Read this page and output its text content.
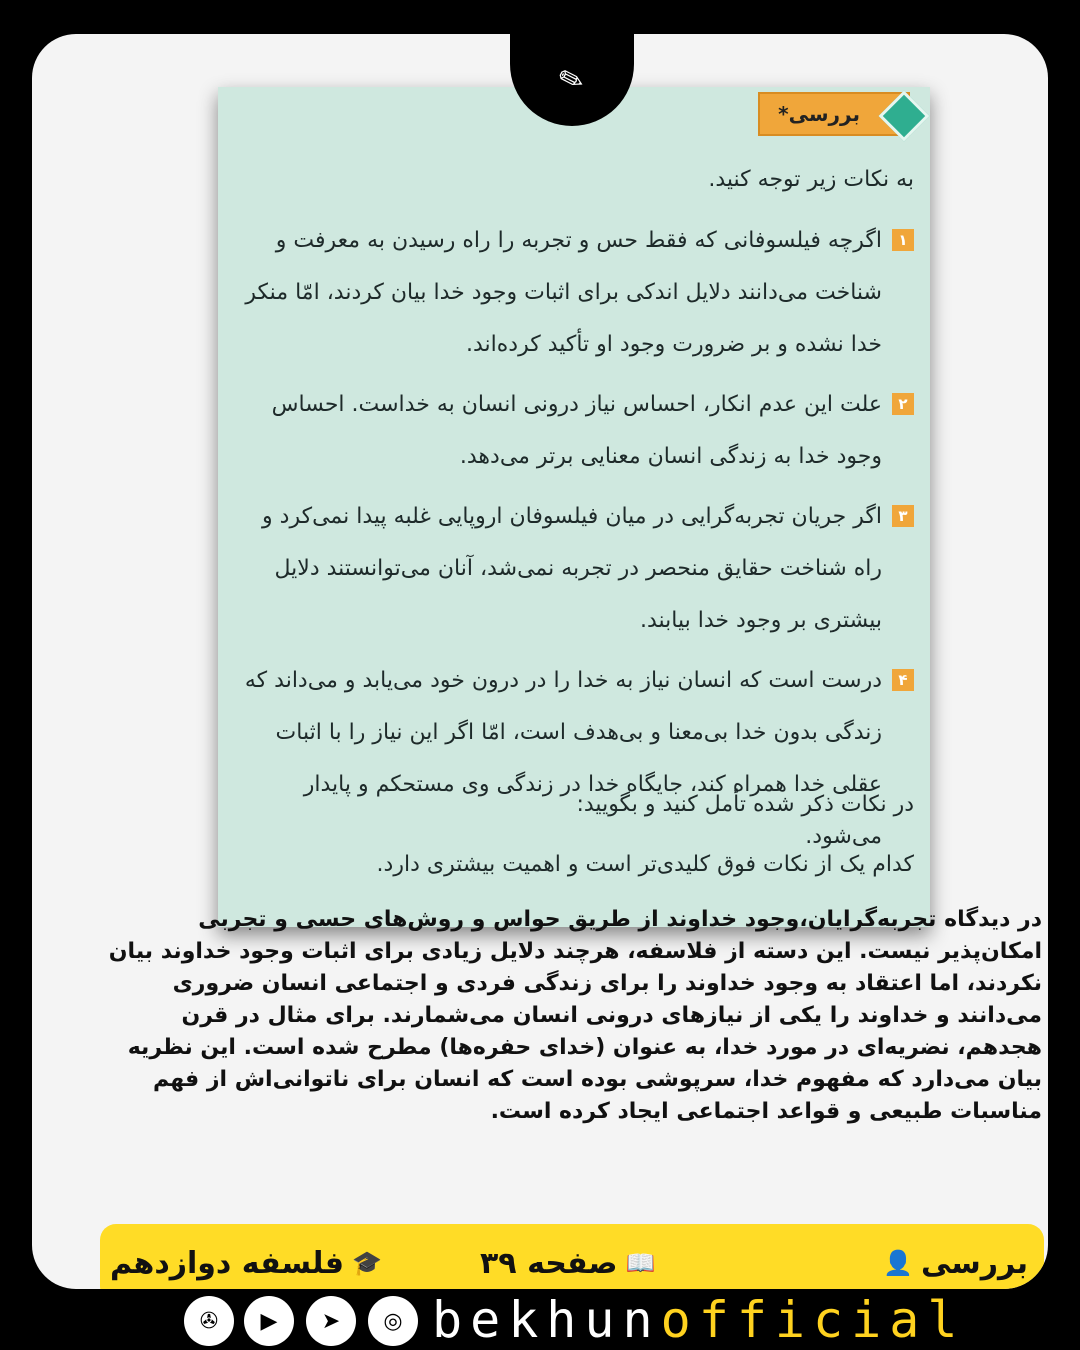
✎
بررسی*
به نکات زیر توجه کنید.
۱
اگرچه فیلسوفانی که فقط حس و تجربه را راه رسیدن به معرفت و شناخت می‌دانند دلایل اندکی برای اثبات وجود خدا بیان کردند، امّا منکر خدا نشده و بر ضرورت وجود او تأکید کرده‌اند.
۲
علت این عدم انکار، احساس نیاز درونی انسان به خداست. احساس وجود خدا به زندگی انسان معنایی برتر می‌دهد.
۳
اگر جریان تجربه‌گرایی در میان فیلسوفان اروپایی غلبه پیدا نمی‌کرد و راه شناخت حقایق منحصر در تجربه نمی‌شد، آنان می‌توانستند دلایل بیشتری بر وجود خدا بیابند.
۴
درست است که انسان نیاز به خدا را در درون خود می‌یابد و می‌داند که زندگی بدون خدا بی‌معنا و بی‌هدف است، امّا اگر این نیاز را با اثبات عقلی خدا همراه کند، جایگاه خدا در زندگی وی مستحکم و پایدار می‌شود.
در نکات ذکر شده تأمل کنید و بگویید:
کدام یک از نکات فوق کلیدی‌تر است و اهمیت بیشتری دارد.
در دیدگاه تجربه‌گرایان،وجود خداوند از طریق حواس و روش‌های حسی و تجربی امکان‌پذیر نیست. این دسته از فلاسفه، هرچند دلایل زیادی برای اثبات وجود خداوند بیان نکردند، اما اعتقاد به وجود خداوند را برای زندگی فردی و اجتماعی انسان ضروری می‌دانند و خداوند را یکی از نیازهای درونی انسان می‌شمارند. برای مثال در قرن هجدهم، نضریه‌ای در مورد خدا، به عنوان (خدای حفره‌ها) مطرح شده است. این نظریه بیان می‌دارد که مفهوم خدا، سرپوشی بوده است که انسان برای ناتوانی‌اش از فهم مناسبات طبیعی و قواعد اجتماعی ایجاد کرده است.
👤 بررسی
صفحه ۳۹ 📖
فلسفه دوازدهم 🎓
✇	▶	➤	◎ bekhunofficial
